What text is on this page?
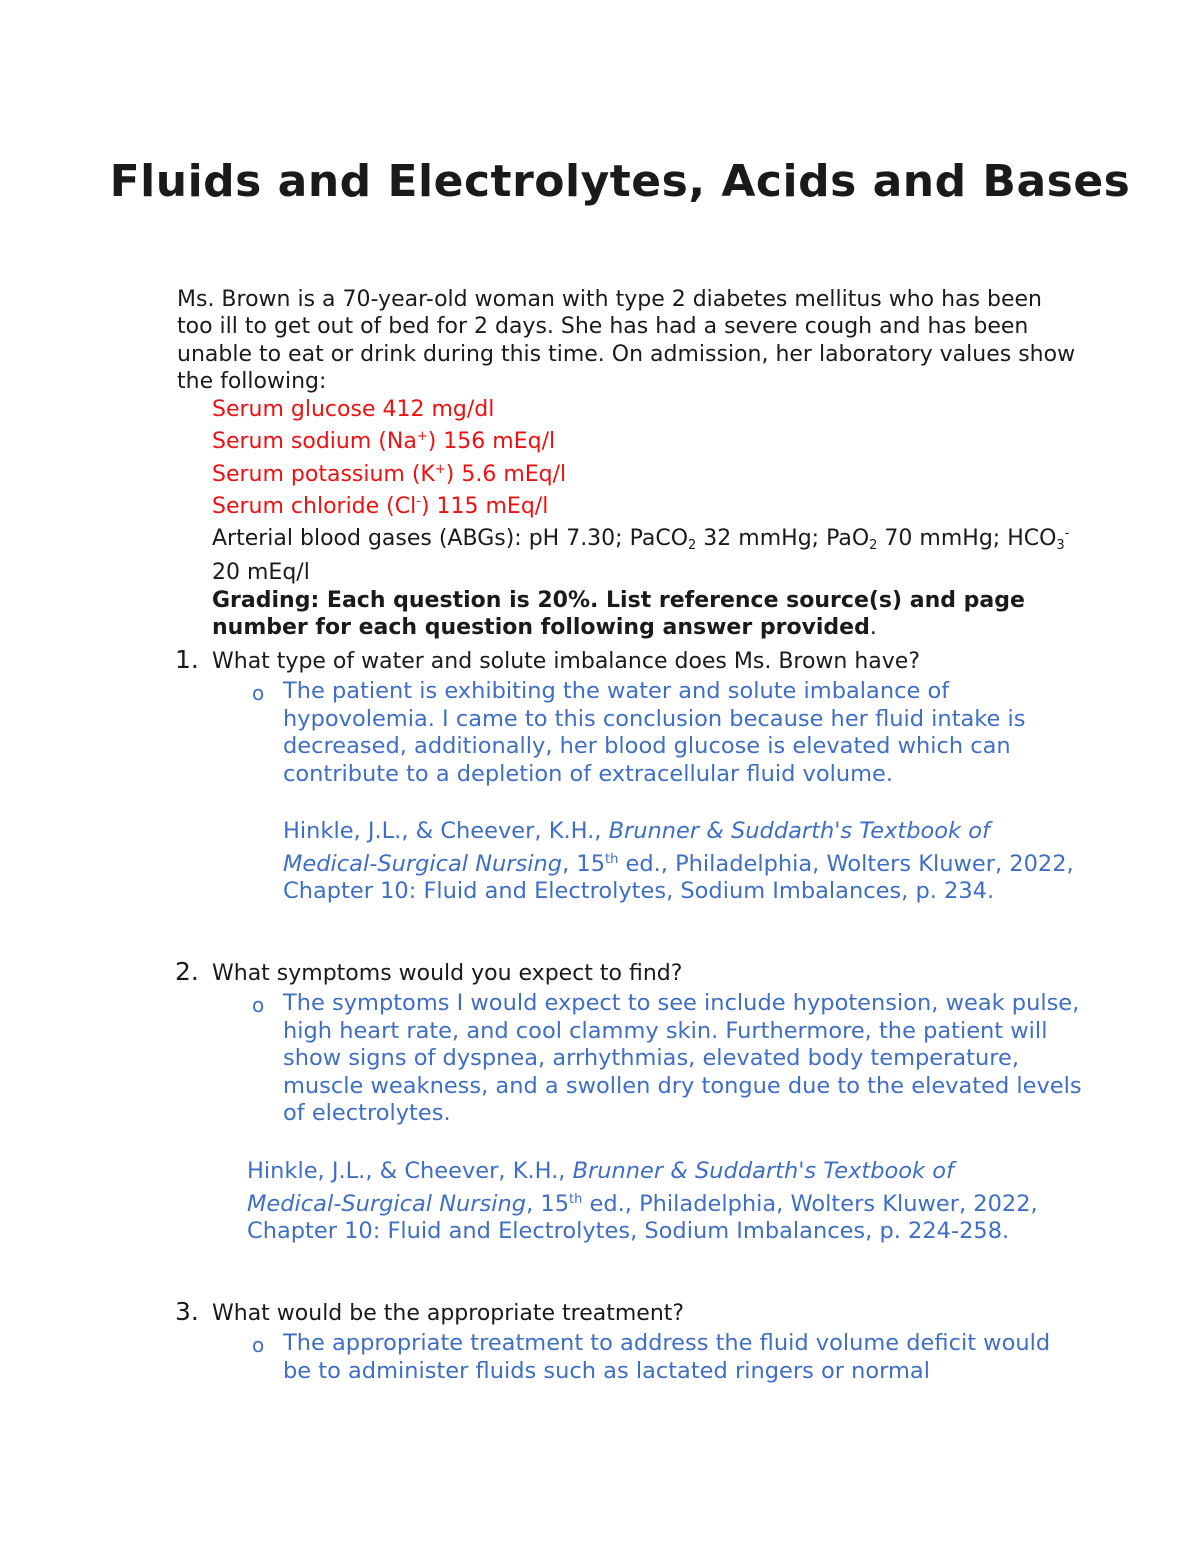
Fluids and Electrolytes, Acids and Bases
Ms. Brown is a 70-year-old woman with type 2 diabetes mellitus who has been too ill to get out of bed for 2 days. She has had a severe cough and has been unable to eat or drink during this time. On admission, her laboratory values show the following:
Serum glucose 412 mg/dl
Serum sodium (Na+) 156 mEq/l
Serum potassium (K+) 5.6 mEq/l
Serum chloride (Cl-) 115 mEq/l
Arterial blood gases (ABGs): pH 7.30; PaCO$_2$ 32 mmHg; PaO$_2$ 70 mmHg; $HCO_3^-$ 20 mEq/l
Grading: Each question is 20%. List reference source(s) and page number for each question following answer provided.
1. What type of water and solute imbalance does Ms. Brown have?
o The patient is exhibiting the water and solute imbalance of hypovolemia. I came to this conclusion because her fluid intake is decreased, additionally, her blood glucose is elevated which can contribute to a depletion of extracellular fluid volume.
Hinkle, J.L., & Cheever, K.H., Brunner & Suddarth's Textbook of Medical-Surgical Nursing, 15th ed., Philadelphia, Wolters Kluwer, 2022, Chapter 10: Fluid and Electrolytes, Sodium Imbalances, p. 234.
2. What symptoms would you expect to find?
o The symptoms I would expect to see include hypotension, weak pulse, high heart rate, and cool clammy skin. Furthermore, the patient will show signs of dyspnea, arrhythmias, elevated body temperature, muscle weakness, and a swollen dry tongue due to the elevated levels of electrolytes.
Hinkle, J.L., & Cheever, K.H., Brunner & Suddarth's Textbook of Medical-Surgical Nursing, 15th ed., Philadelphia, Wolters Kluwer, 2022, Chapter 10: Fluid and Electrolytes, Sodium Imbalances, p. 224-258.
3. What would be the appropriate treatment?
o The appropriate treatment to address the fluid volume deficit would be to administer fluids such as lactated ringers or normal
